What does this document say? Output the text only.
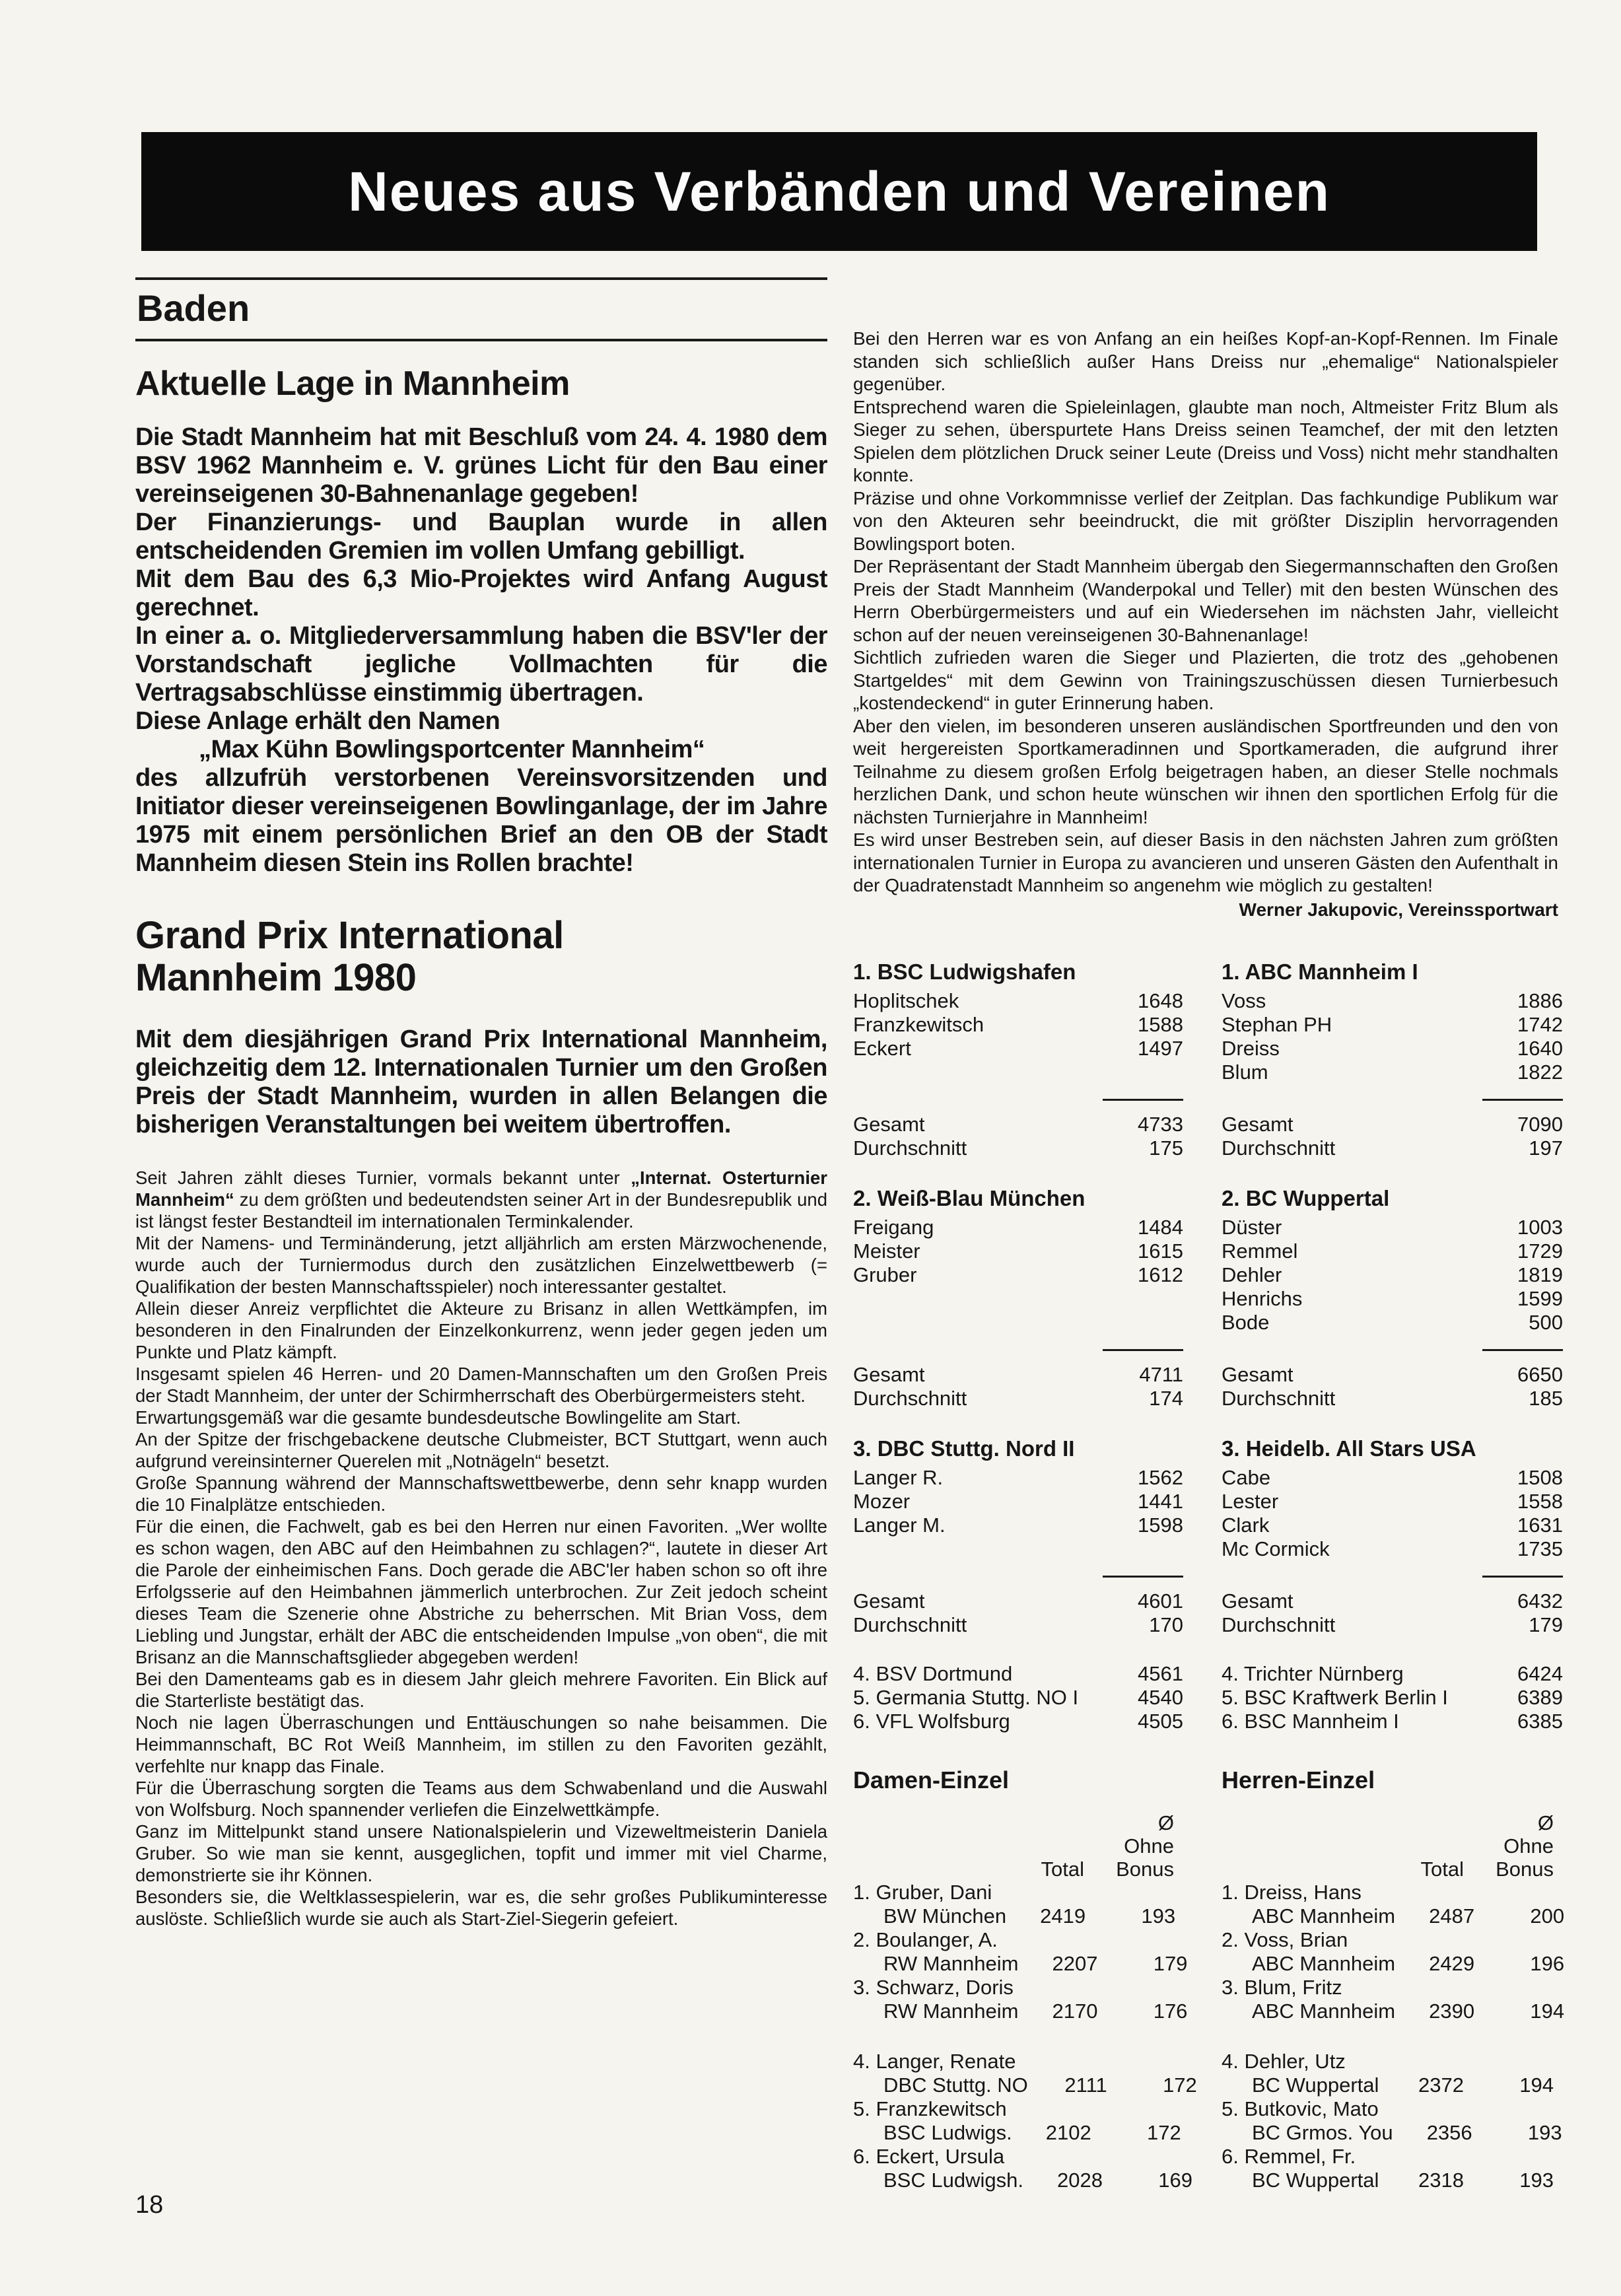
Neues aus Verbänden und Vereinen
Baden
Aktuelle Lage in Mannheim

Die Stadt Mannheim hat mit Beschluß vom 24. 4. 1980 dem BSV 1962 Mannheim e. V. grünes Licht für den Bau einer vereinseigenen 30-Bahnenanlage gegeben!

Der Finanzierungs- und Bauplan wurde in allen entscheidenden Gremien im vollen Umfang gebilligt.

Mit dem Bau des 6,3 Mio-Projektes wird Anfang August gerechnet.

In einer a. o. Mitgliederversammlung haben die BSV'ler der Vorstandschaft jegliche Vollmachten für die Vertragsabschlüsse einstimmig übertragen.

Diese Anlage erhält den Namen

„Max Kühn Bowlingsportcenter Mannheim“

des allzufrüh verstorbenen Vereinsvorsitzenden und Initiator dieser vereinseigenen Bowlinganlage, der im Jahre 1975 mit einem persönlichen Brief an den OB der Stadt Mannheim diesen Stein ins Rollen brachte!

Grand Prix International
Mannheim 1980

Mit dem diesjährigen Grand Prix International Mannheim, gleichzeitig dem 12. Internationalen Turnier um den Großen Preis der Stadt Mannheim, wurden in allen Belangen die bisherigen Veranstaltungen bei weitem übertroffen.

Seit Jahren zählt dieses Turnier, vormals bekannt unter „Internat. Osterturnier Mannheim“ zu dem größten und bedeutendsten seiner Art in der Bundesrepublik und ist längst fester Bestandteil im internationalen Terminkalender.

Mit der Namens- und Terminänderung, jetzt alljährlich am ersten Märzwochenende, wurde auch der Turniermodus durch den zusätzlichen Einzelwettbewerb (= Qualifikation der besten Mannschaftsspieler) noch interessanter gestaltet.

Allein dieser Anreiz verpflichtet die Akteure zu Brisanz in allen Wettkämpfen, im besonderen in den Finalrunden der Einzelkonkurrenz, wenn jeder gegen jeden um Punkte und Platz kämpft.

Insgesamt spielen 46 Herren- und 20 Damen-Mannschaften um den Großen Preis der Stadt Mannheim, der unter der Schirmherrschaft des Oberbürgermeisters steht.

Erwartungsgemäß war die gesamte bundesdeutsche Bowlingelite am Start.

An der Spitze der frischgebackene deutsche Clubmeister, BCT Stuttgart, wenn auch aufgrund vereinsinterner Querelen mit „Notnägeln“ besetzt.

Große Spannung während der Mannschaftswettbewerbe, denn sehr knapp wurden die 10 Finalplätze entschieden.

Für die einen, die Fachwelt, gab es bei den Herren nur einen Favoriten. „Wer wollte es schon wagen, den ABC auf den Heimbahnen zu schlagen?“, lautete in dieser Art die Parole der einheimischen Fans. Doch gerade die ABC'ler haben schon so oft ihre Erfolgsserie auf den Heimbahnen jämmerlich unterbrochen. Zur Zeit jedoch scheint dieses Team die Szenerie ohne Abstriche zu beherrschen. Mit Brian Voss, dem Liebling und Jungstar, erhält der ABC die entscheidenden Impulse „von oben“, die mit Brisanz an die Mannschaftsglieder abgegeben werden!

Bei den Damenteams gab es in diesem Jahr gleich mehrere Favoriten. Ein Blick auf die Starterliste bestätigt das.

Noch nie lagen Überraschungen und Enttäuschungen so nahe beisammen. Die Heimmannschaft, BC Rot Weiß Mannheim, im stillen zu den Favoriten gezählt, verfehlte nur knapp das Finale.

Für die Überraschung sorgten die Teams aus dem Schwabenland und die Auswahl von Wolfsburg. Noch spannender verliefen die Einzelwettkämpfe.

Ganz im Mittelpunkt stand unsere Nationalspielerin und Vizeweltmeisterin Daniela Gruber. So wie man sie kennt, ausgeglichen, topfit und immer mit viel Charme, demonstrierte sie ihr Können.

Besonders sie, die Weltklassespielerin, war es, die sehr großes Publikuminteresse auslöste. Schließlich wurde sie auch als Start-Ziel-Siegerin gefeiert.

18

Bei den Herren war es von Anfang an ein heißes Kopf-an-Kopf-Rennen. Im Finale standen sich schließlich außer Hans Dreiss nur „ehemalige“ Nationalspieler gegenüber.

Entsprechend waren die Spieleinlagen, glaubte man noch, Altmeister Fritz Blum als Sieger zu sehen, überspurtete Hans Dreiss seinen Teamchef, der mit den letzten Spielen dem plötzlichen Druck seiner Leute (Dreiss und Voss) nicht mehr standhalten konnte.

Präzise und ohne Vorkommnisse verlief der Zeitplan. Das fachkundige Publikum war von den Akteuren sehr beeindruckt, die mit größter Disziplin hervorragenden Bowlingsport boten.

Der Repräsentant der Stadt Mannheim übergab den Siegermannschaften den Großen Preis der Stadt Mannheim (Wanderpokal und Teller) mit den besten Wünschen des Herrn Oberbürgermeisters und auf ein Wiedersehen im nächsten Jahr, vielleicht schon auf der neuen vereinseigenen 30-Bahnenanlage!

Sichtlich zufrieden waren die Sieger und Plazierten, die trotz des „gehobenen Startgeldes“ mit dem Gewinn von Trainingszuschüssen diesen Turnierbesuch „kostendeckend“ in guter Erinnerung haben.

Aber den vielen, im besonderen unseren ausländischen Sportfreunden und den von weit hergereisten Sportkameradinnen und Sportkameraden, die aufgrund ihrer Teilnahme zu diesem großen Erfolg beigetragen haben, an dieser Stelle nochmals herzlichen Dank, und schon heute wünschen wir ihnen den sportlichen Erfolg für die nächsten Turnierjahre in Mannheim!

Es wird unser Bestreben sein, auf dieser Basis in den nächsten Jahren zum größten internationalen Turnier in Europa zu avancieren und unseren Gästen den Aufenthalt in der Quadratenstadt Mannheim so angenehm wie möglich zu gestalten!

Werner Jakupovic, Vereinssportwart
1. BSC Ludwigshafen
Hoplitschek	1648
Franzkewitsch	1588
Eckert	1497
Gesamt	4733
Durchschnitt	175
2. Weiß-Blau München
Freigang	1484
Meister	1615
Gruber	1612
Gesamt	4711
Durchschnitt	174
3. DBC Stuttg. Nord II
Langer R.	1562
Mozer	1441
Langer M.	1598
Gesamt	4601
Durchschnitt	170
4. BSV Dortmund	4561
5. Germania Stuttg. NO I	4540
6. VFL Wolfsburg	4505
Damen-Einzel
Ø
Ohne
Total	Bonus
1. Gruber, Dani
BW München	2419	193
2. Boulanger, A.
RW Mannheim	2207	179
3. Schwarz, Doris
RW Mannheim	2170	176
4. Langer, Renate
DBC Stuttg. NO	2111	172
5. Franzkewitsch
BSC Ludwigs.	2102	172
6. Eckert, Ursula
BSC Ludwigsh.	2028	169
1. ABC Mannheim I
Voss	1886
Stephan PH	1742
Dreiss	1640
Blum	1822
Gesamt	7090
Durchschnitt	197
2. BC Wuppertal
Düster	1003
Remmel	1729
Dehler	1819
Henrichs	1599
Bode	500
Gesamt	6650
Durchschnitt	185
3. Heidelb. All Stars USA
Cabe	1508
Lester	1558
Clark	1631
Mc Cormick	1735
Gesamt	6432
Durchschnitt	179
4. Trichter Nürnberg	6424
5. BSC Kraftwerk Berlin I	6389
6. BSC Mannheim I	6385
Herren-Einzel
Ø
Ohne
Total	Bonus
1. Dreiss, Hans
ABC Mannheim	2487	200
2. Voss, Brian
ABC Mannheim	2429	196
3. Blum, Fritz
ABC Mannheim	2390	194
4. Dehler, Utz
BC Wuppertal	2372	194
5. Butkovic, Mato
BC Grmos. You	2356	193
6. Remmel, Fr.
BC Wuppertal	2318	193
